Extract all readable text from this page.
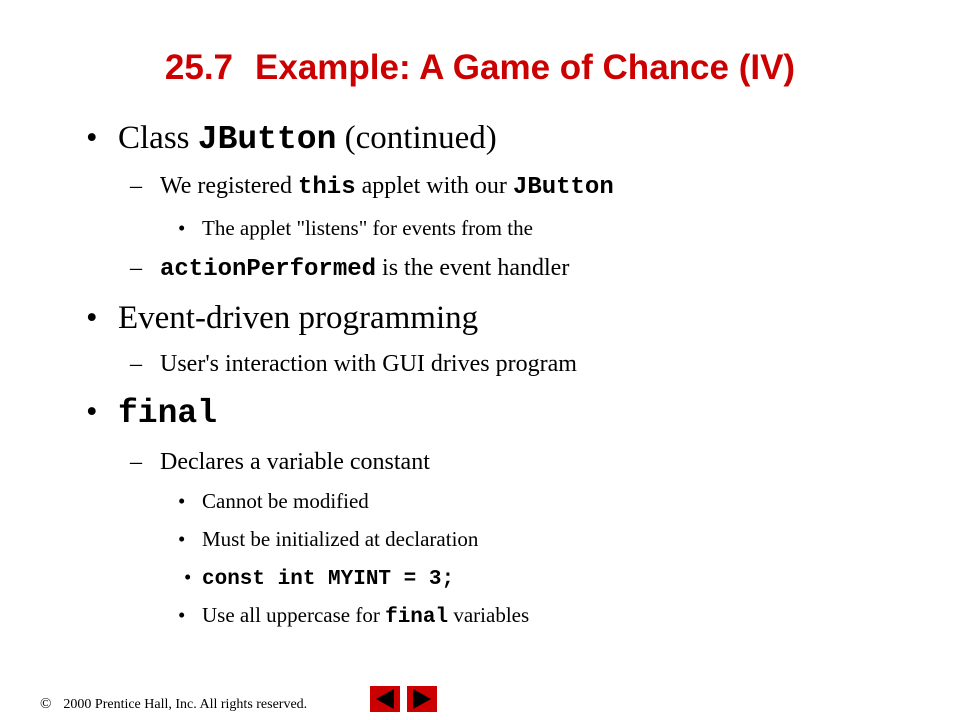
25.7 Example: A Game of Chance (IV)
• Class JButton (continued)
– We registered this applet with our JButton
• The applet "listens" for events from the
– actionPerformed is the event handler
• Event-driven programming
– User's interaction with GUI drives program
• final
– Declares a variable constant
• Cannot be modified
• Must be initialized at declaration
• const int MYINT = 3;
• Use all uppercase for final variables
© 2000 Prentice Hall, Inc. All rights reserved.
